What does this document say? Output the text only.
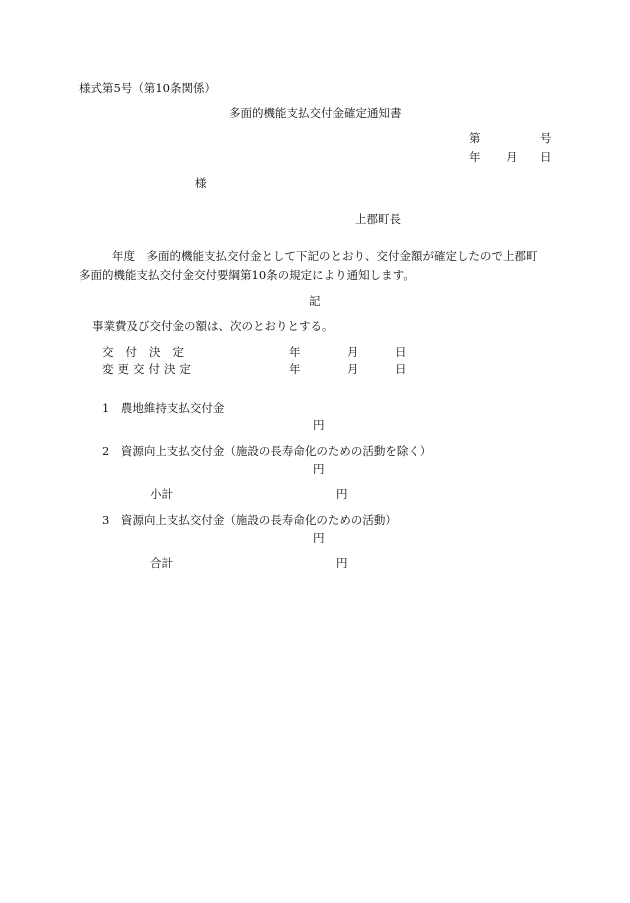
様式第5号（第10条関係）
多面的機能支払交付金確定通知書
第	号
年 月 日
様
上郡町長
年度　多面的機能支払交付金として下記のとおり、交付金額が確定したので上郡町
多面的機能支払交付金交付要綱第10条の規定により通知します。
記
事業費及び交付金の額は、次のとおりとする。
交付決定	年	月	日
変更交付決定	年	月	日
1　農地維持支払交付金
円
2　資源向上支払交付金（施設の長寿命化のための活動を除く）
円
小計	円
3　資源向上支払交付金（施設の長寿命化のための活動）
円
合計	円
